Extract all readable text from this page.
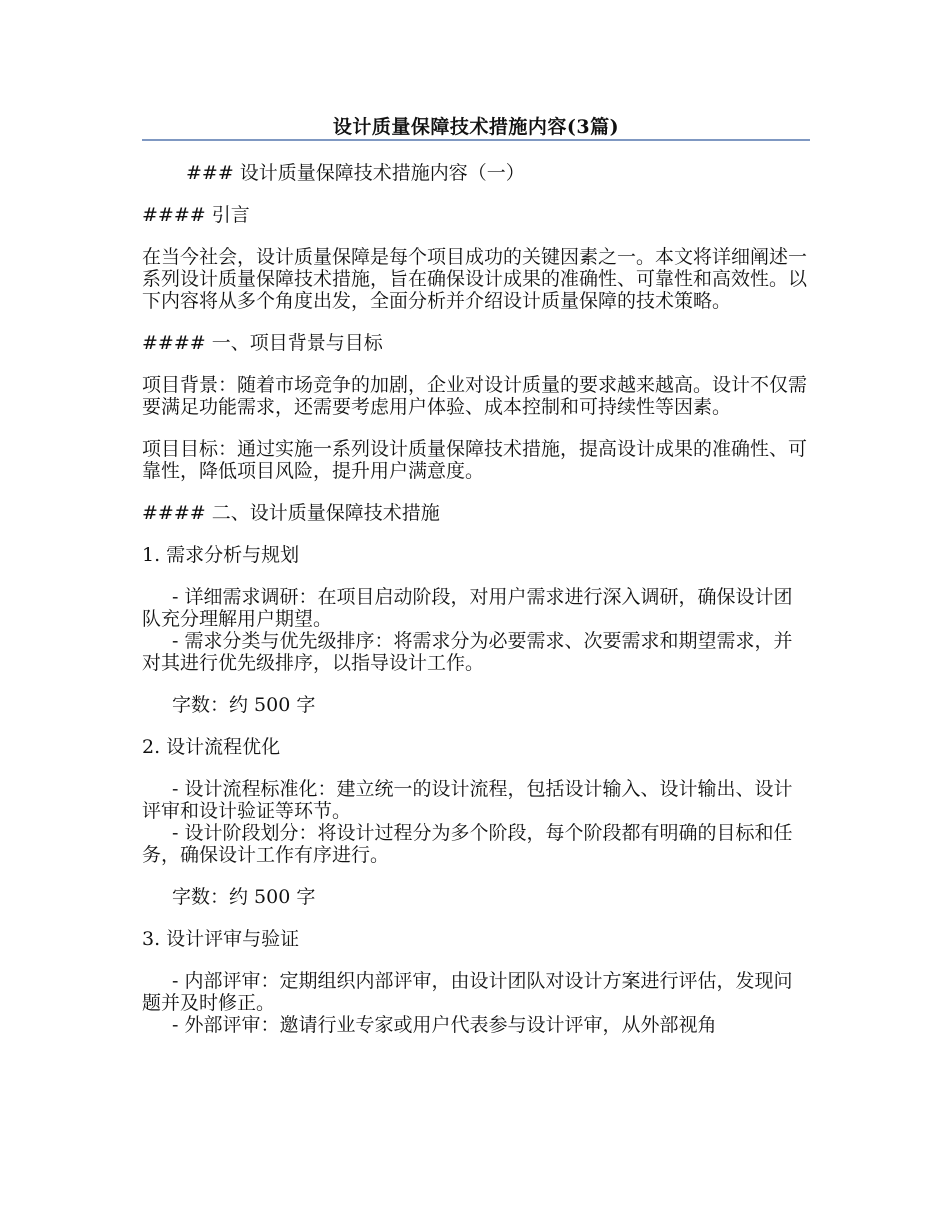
设计质量保障技术措施内容(3篇)

### 设计质量保障技术措施内容（一）

#### 引言

在当今社会，设计质量保障是每个项目成功的关键因素之一。本文将详细阐述一系列设计质量保障技术措施，旨在确保设计成果的准确性、可靠性和高效性。以下内容将从多个角度出发，全面分析并介绍设计质量保障的技术策略。

#### 一、项目背景与目标

项目背景：随着市场竞争的加剧，企业对设计质量的要求越来越高。设计不仅需要满足功能需求，还需要考虑用户体验、成本控制和可持续性等因素。

项目目标：通过实施一系列设计质量保障技术措施，提高设计成果的准确性、可靠性，降低项目风险，提升用户满意度。

#### 二、设计质量保障技术措施

1. 需求分析与规划

- 详细需求调研：在项目启动阶段，对用户需求进行深入调研，确保设计团队充分理解用户期望。

- 需求分类与优先级排序：将需求分为必要需求、次要需求和期望需求，并对其进行优先级排序，以指导设计工作。

字数：约 500 字

2. 设计流程优化

- 设计流程标准化：建立统一的设计流程，包括设计输入、设计输出、设计评审和设计验证等环节。

- 设计阶段划分：将设计过程分为多个阶段，每个阶段都有明确的目标和任务，确保设计工作有序进行。

字数：约 500 字

3. 设计评审与验证

- 内部评审：定期组织内部评审，由设计团队对设计方案进行评估，发现问题并及时修正。

- 外部评审：邀请行业专家或用户代表参与设计评审，从外部视角
